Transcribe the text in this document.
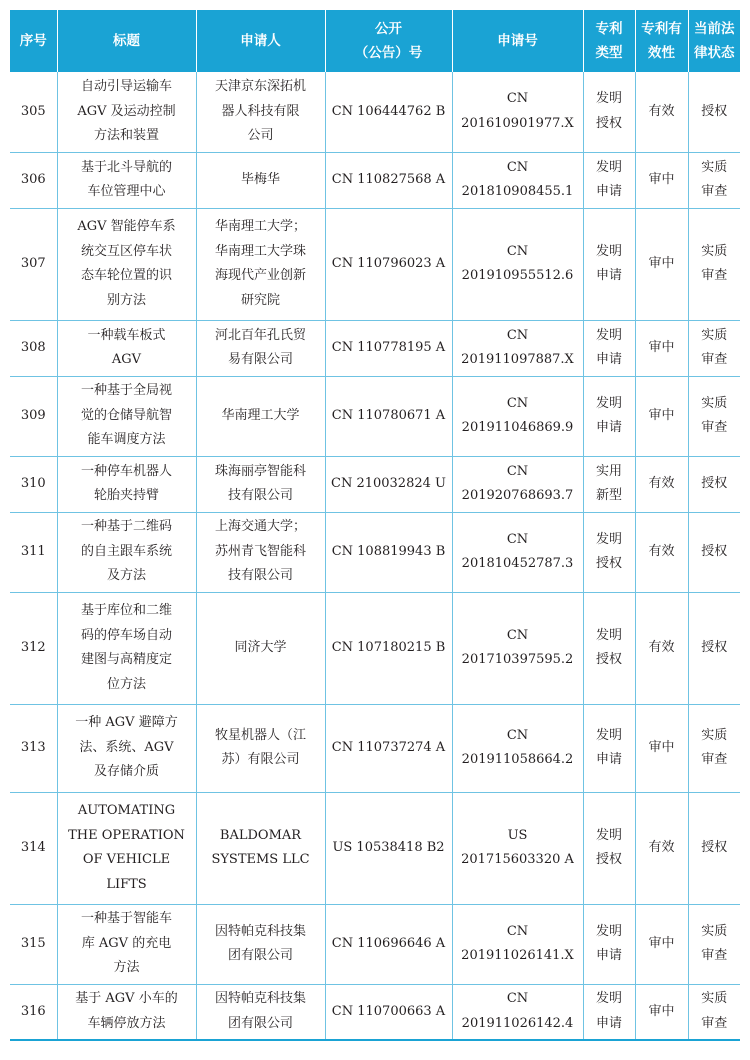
序号	标题	申请人	公开
（公告）号	申请号	专利
类型	专利有
效性	当前法
律状态
305	自动引导运输车
AGV 及运动控制
方法和装置	天津京东深拓机
器人科技有限
公司	CN 106444762 B	CN
201610901977.X	发明
授权	有效	授权
306	基于北斗导航的
车位管理中心	毕梅华	CN 110827568 A	CN
201810908455.1	发明
申请	审中	实质
审查
307	AGV 智能停车系
统交互区停车状
态车轮位置的识
别方法	华南理工大学；
华南理工大学珠
海现代产业创新
研究院	CN 110796023 A	CN
201910955512.6	发明
申请	审中	实质
审查
308	一种载车板式
AGV	河北百年孔氏贸
易有限公司	CN 110778195 A	CN
201911097887.X	发明
申请	审中	实质
审查
309	一种基于全局视
觉的仓储导航智
能车调度方法	华南理工大学	CN 110780671 A	CN
201911046869.9	发明
申请	审中	实质
审查
310	一种停车机器人
轮胎夹持臂	珠海丽亭智能科
技有限公司	CN 210032824 U	CN
201920768693.7	实用
新型	有效	授权
311	一种基于二维码
的自主跟车系统
及方法	上海交通大学；
苏州青飞智能科
技有限公司	CN 108819943 B	CN
201810452787.3	发明
授权	有效	授权
312	基于库位和二维
码的停车场自动
建图与高精度定
位方法	同济大学	CN 107180215 B	CN
201710397595.2	发明
授权	有效	授权
313	一种 AGV 避障方
法、系统、AGV
及存储介质	牧星机器人（江
苏）有限公司	CN 110737274 A	CN
201911058664.2	发明
申请	审中	实质
审查
314	AUTOMATING
THE OPERATION
OF VEHICLE
LIFTS	BALDOMAR
SYSTEMS LLC	US 10538418 B2	US
201715603320 A	发明
授权	有效	授权
315	一种基于智能车
库 AGV 的充电
方法	因特帕克科技集
团有限公司	CN 110696646 A	CN
201911026141.X	发明
申请	审中	实质
审查
316	基于 AGV 小车的
车辆停放方法	因特帕克科技集
团有限公司	CN 110700663 A	CN
201911026142.4	发明
申请	审中	实质
审查
